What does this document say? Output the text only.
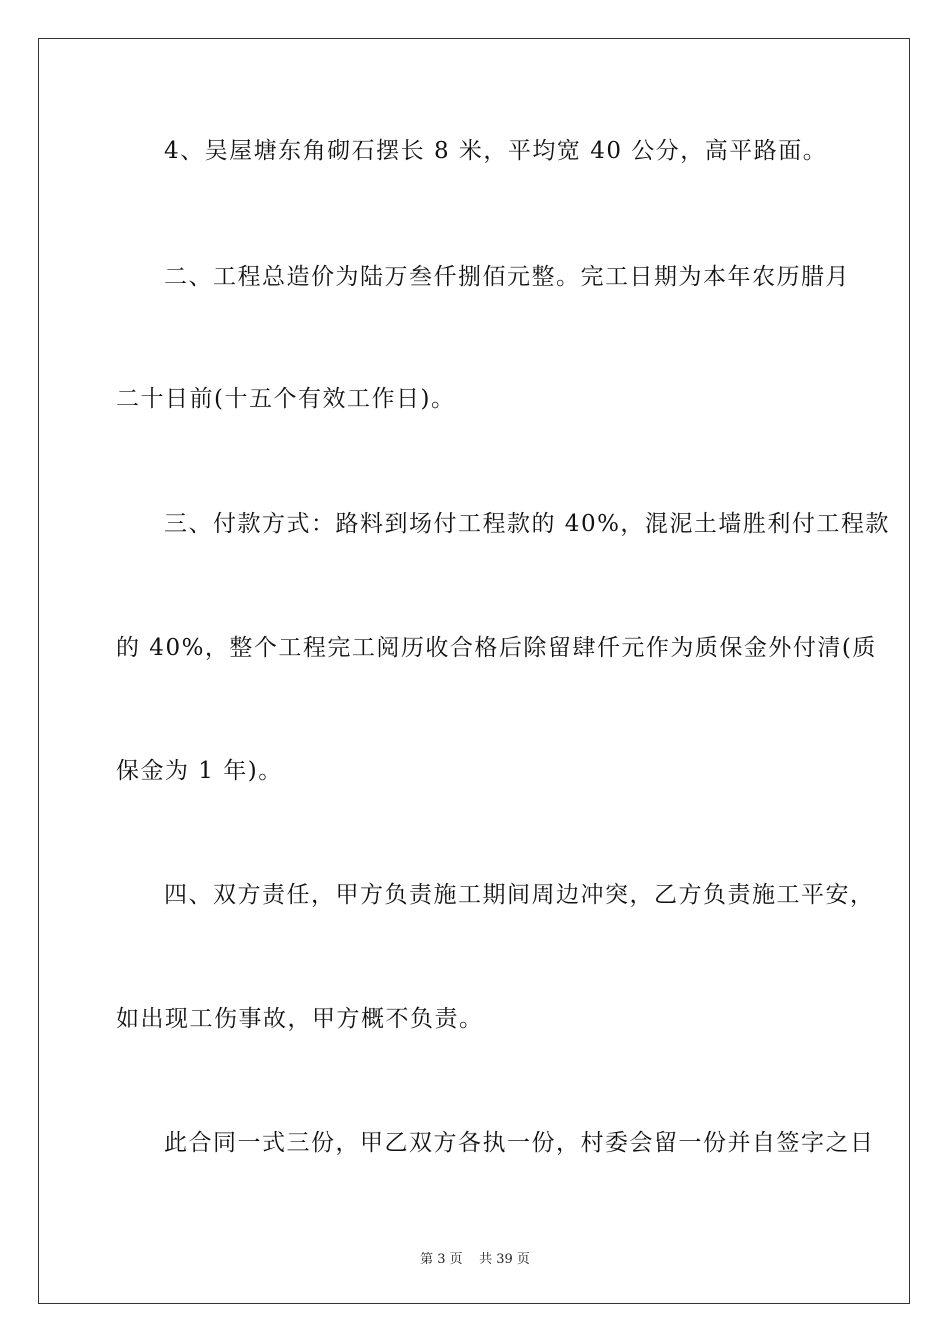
4、吴屋塘东角砌石摆长 8 米，平均宽 40 公分，高平路面。
二、工程总造价为陆万叁仟捌佰元整。完工日期为本年农历腊月
二十日前(十五个有效工作日)。
三、付款方式：路料到场付工程款的 40%，混泥土墙胜利付工程款
的 40%，整个工程完工阅历收合格后除留肆仟元作为质保金外付清(质
保金为 1 年)。
四、双方责任，甲方负责施工期间周边冲突，乙方负责施工平安，
如出现工伤事故，甲方概不负责。
此合同一式三份，甲乙双方各执一份，村委会留一份并自签字之日
第 3 页    共 39 页
